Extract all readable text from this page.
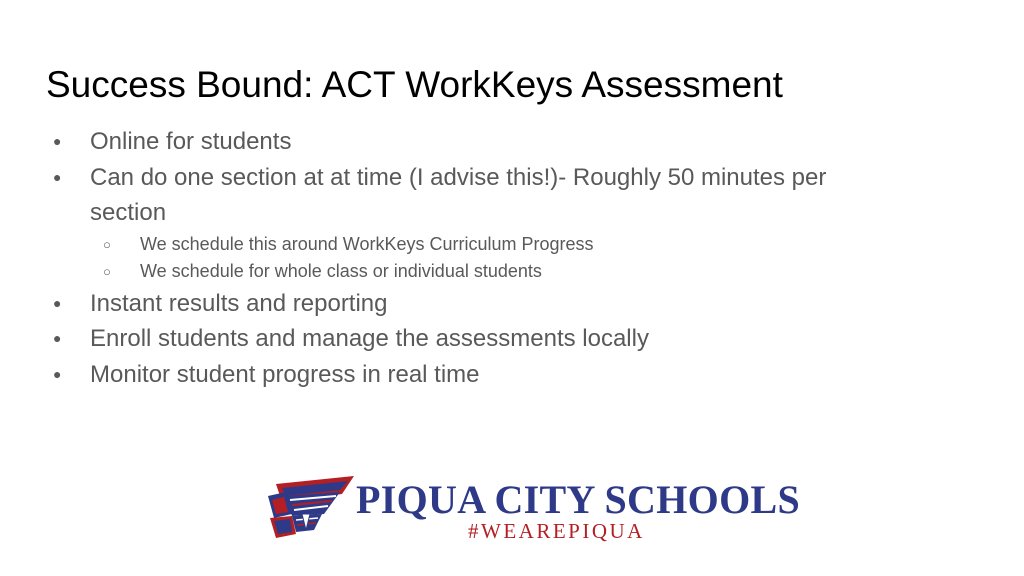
Success Bound: ACT WorkKeys Assessment
● Online for students
● Can do one section at at time (I advise this!)- Roughly 50 minutes per section
○ We schedule this around WorkKeys Curriculum Progress
○ We schedule for whole class or individual students
● Instant results and reporting
● Enroll students and manage the assessments locally
● Monitor student progress in real time
PIQUA CITY SCHOOLS
#WEAREPIQUA
